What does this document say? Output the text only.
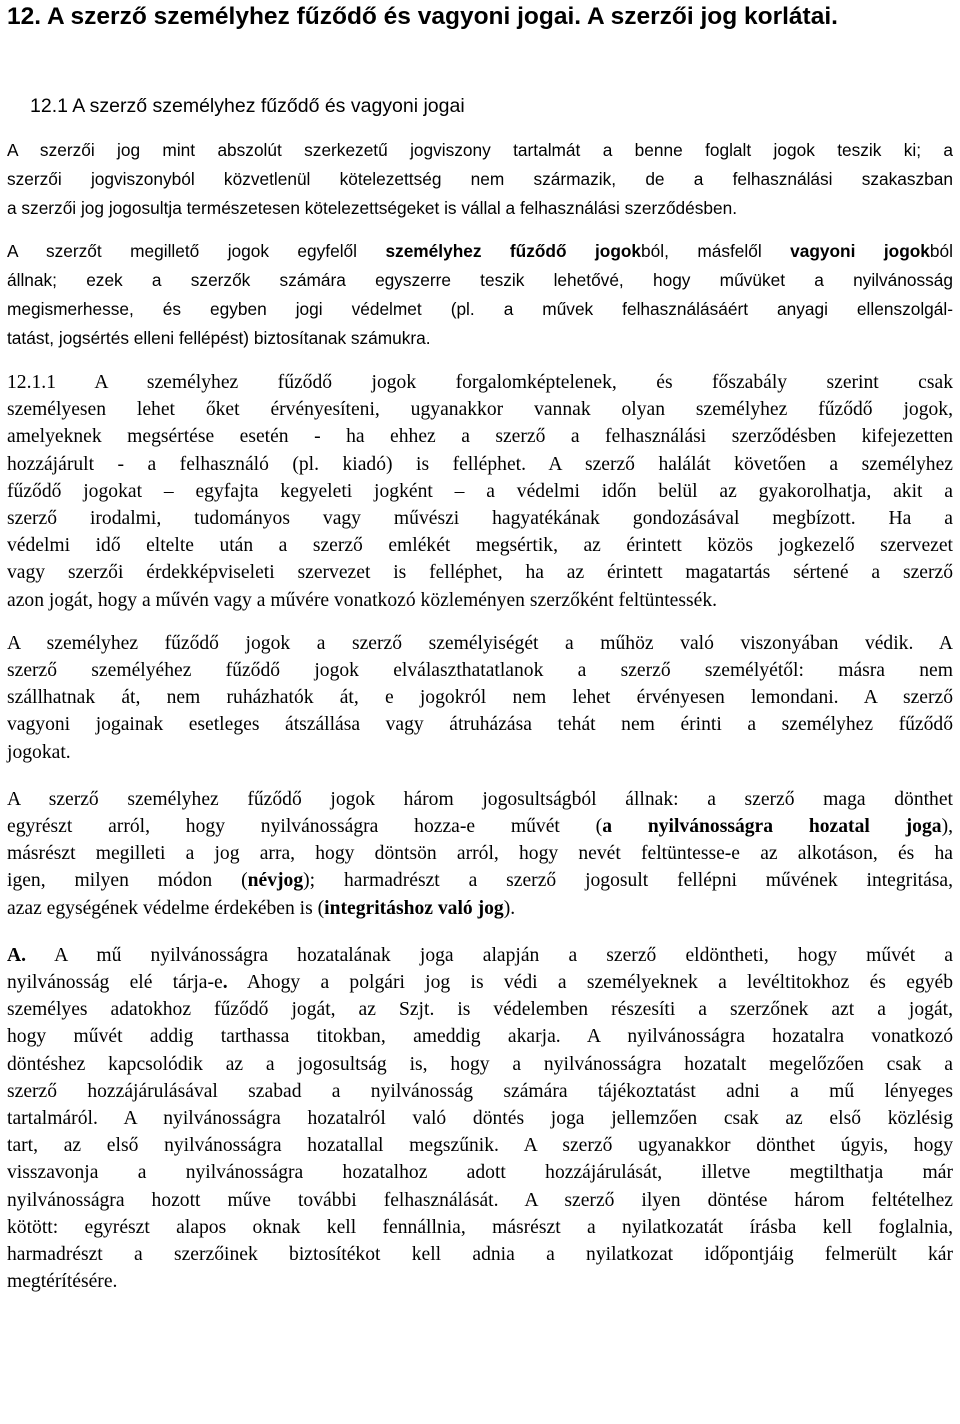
12. A szerző személyhez fűződő és vagyoni jogai. A szerzői jog korlátai.
12.1 A szerző személyhez fűződő és vagyoni jogai
A szerzői jog mint abszolút szerkezetű jogviszony tartalmát a benne foglalt jogok teszik ki; a
szerzői jogviszonyból közvetlenül kötelezettség nem származik, de a felhasználási szakaszban
a szerzői jog jogosultja természetesen kötelezettségeket is vállal a felhasználási szerződésben.
A szerzőt megillető jogok egyfelől személyhez fűződő jogokból, másfelől vagyoni jogokból
állnak; ezek a szerzők számára egyszerre teszik lehetővé, hogy művüket a nyilvánosság
megismerhesse, és egyben jogi védelmet (pl. a művek felhasználásáért anyagi ellenszolgál-
tatást, jogsértés elleni fellépést) biztosítanak számukra.
12.1.1 A személyhez fűződő jogok forgalomképtelenek, és főszabály szerint csak
személyesen lehet őket érvényesíteni, ugyanakkor vannak olyan személyhez fűződő jogok,
amelyeknek megsértése esetén - ha ehhez a szerző a felhasználási szerződésben kifejezetten
hozzájárult - a felhasználó (pl. kiadó) is felléphet. A szerző halálát követően a személyhez
fűződő jogokat – egyfajta kegyeleti jogként – a védelmi időn belül az gyakorolhatja, akit a
szerző irodalmi, tudományos vagy művészi hagyatékának gondozásával megbízott. Ha a
védelmi idő eltelte után a szerző emlékét megsértik, az érintett közös jogkezelő szervezet
vagy szerzői érdekképviseleti szervezet is felléphet, ha az érintett magatartás sértené a szerző
azon jogát, hogy a művén vagy a művére vonatkozó közleményen szerzőként feltüntessék.
A személyhez fűződő jogok a szerző személyiségét a műhöz való viszonyában védik. A
szerző személyéhez fűződő jogok elválaszthatatlanok a szerző személyétől: másra nem
szállhatnak át, nem ruházhatók át, e jogokról nem lehet érvényesen lemondani. A szerző
vagyoni jogainak esetleges átszállása vagy átruházása tehát nem érinti a személyhez fűződő
jogokat.
A szerző személyhez fűződő jogok három jogosultságból állnak: a szerző maga dönthet
egyrészt arról, hogy nyilvánosságra hozza-e művét (a nyilvánosságra hozatal joga),
másrészt megilleti a jog arra, hogy döntsön arról, hogy nevét feltüntesse-e az alkotáson, és ha
igen, milyen módon (névjog); harmadrészt a szerző jogosult fellépni művének integritása,
azaz egységének védelme érdekében is (integritáshoz való jog).
A. A mű nyilvánosságra hozatalának joga alapján a szerző eldöntheti, hogy művét a
nyilvánosság elé tárja-e. Ahogy a polgári jog is védi a személyeknek a levéltitokhoz és egyéb
személyes adatokhoz fűződő jogát, az Szjt. is védelemben részesíti a szerzőnek azt a jogát,
hogy művét addig tarthassa titokban, ameddig akarja. A nyilvánosságra hozatalra vonatkozó
döntéshez kapcsolódik az a jogosultság is, hogy a nyilvánosságra hozatalt megelőzően csak a
szerző hozzájárulásával szabad a nyilvánosság számára tájékoztatást adni a mű lényeges
tartalmáról. A nyilvánosságra hozatalról való döntés joga jellemzően csak az első közlésig
tart, az első nyilvánosságra hozatallal megszűnik. A szerző ugyanakkor dönthet úgyis, hogy
visszavonja a nyilvánosságra hozatalhoz adott hozzájárulását, illetve megtilthatja már
nyilvánosságra hozott műve további felhasználását. A szerző ilyen döntése három feltételhez
kötött: egyrészt alapos oknak kell fennállnia, másrészt a nyilatkozatát írásba kell foglalnia,
harmadrészt a szerzőinek biztosítékot kell adnia a nyilatkozat időpontjáig felmerült kár
megtérítésére.
